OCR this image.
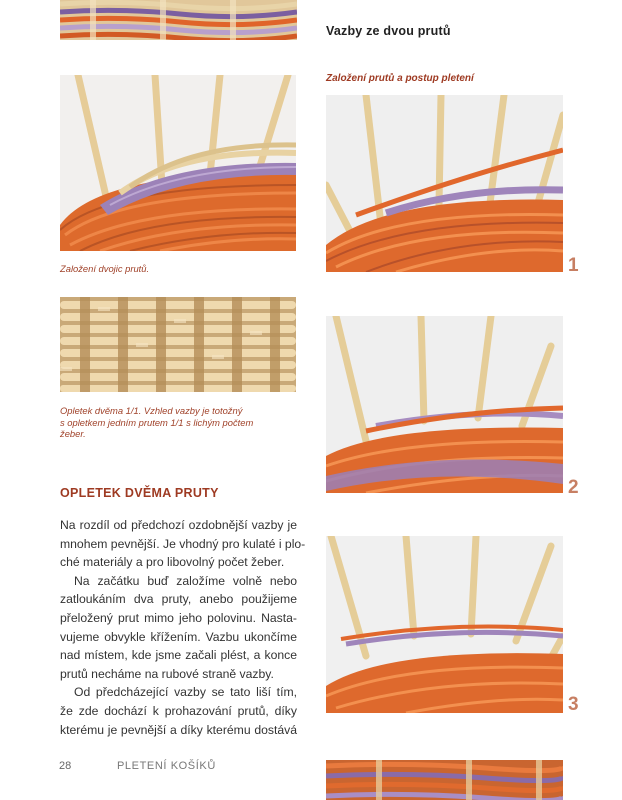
Vazby ze dvou prutů
Založení prutů a postup pletení
Založení dvojic prutů.
Opletek dvěma 1/1. Vzhled vazby je totožný
s opletkem jedním prutem 1/1 s lichým počtem
žeber.
1
2
3
OPLETEK DVĚMA PRUTY
Na rozdíl od předchozí ozdobnější vazby je
mnohem pevnější. Je vhodný pro kulaté i plo-
ché materiály a pro libovolný počet žeber.
Na začátku buď založíme volně nebo
zatloukáním dva pruty, anebo použijeme
přeložený prut mimo jeho polovinu. Nasta-
vujeme obvykle křížením. Vazbu ukončíme
nad místem, kde jsme začali plést, a konce
prutů necháme na rubové straně vazby.
Od předcházející vazby se tato liší tím,
že zde dochází k prohazování prutů, díky
kterému je pevnější a díky kterému dostává
28	PLETENÍ KOŠÍKŮ
